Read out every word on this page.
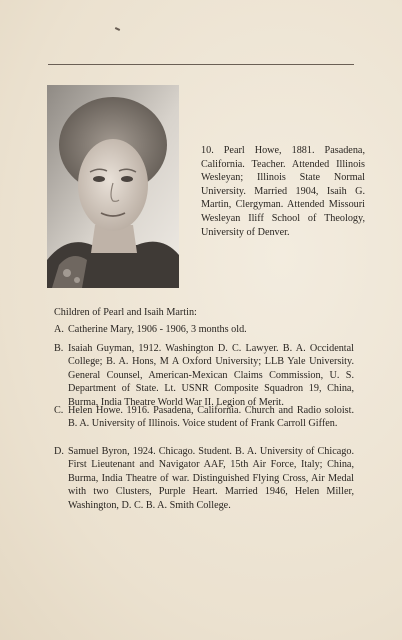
10. Pearl Howe, 1881. Pasadena, California. Teacher. Attended Illinois Wesleyan; Illinois State Normal University. Married 1904, Isaih G. Martin, Clergyman. Attended Missouri Wesleyan Iliff School of Theology, University of Denver.
Children of Pearl and Isaih Martin:
A. Catherine Mary, 1906 - 1906, 3 months old.
B. Isaiah Guyman, 1912. Washington D. C. Lawyer. B. A. Occidental College; B. A. Hons, M A Oxford University; LLB Yale University. General Counsel, American-Mexican Claims Commission, U. S. Department of State. Lt. USNR Composite Squadron 19, China, Burma, India Theatre World War II. Legion of Merit.
C. Helen Howe. 1916. Pasadena, California. Church and Radio soloist. B. A. University of Illinois. Voice student of Frank Carroll Giffen.
D. Samuel Byron, 1924. Chicago. Student. B. A. University of Chicago. First Lieutenant and Navigator AAF, 15th Air Force, Italy; China, Burma, India Theatre of war. Distinguished Flying Cross, Air Medal with two Clusters, Purple Heart. Married 1946, Helen Miller, Washington, D. C. B. A. Smith College.
